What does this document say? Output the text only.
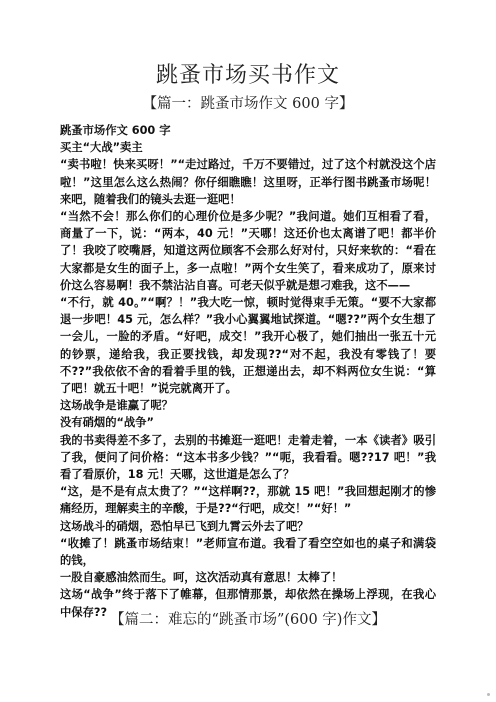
跳蚤市场买书作文
【篇一：跳蚤市场作文 600 字】

跳蚤市场作文 600 字

买主“大战”卖主

“卖书啦！快来买呀！”“走过路过，千万不要错过，过了这个村就没这个店啦！”这里怎么这么热闹？你仔细瞧瞧！这里呀，正举行图书跳蚤市场呢！来吧，随着我们的镜头去逛一逛吧！

“当然不会！那么你们的心理价位是多少呢？”我问道。她们互相看了看，商量了一下，说：“两本，40 元！”天哪！这还价也太离谱了吧！都半价了！我咬了咬嘴唇，知道这两位顾客不会那么好对付，只好来软的：“看在大家都是女生的面子上，多一点啦！”两个女生笑了，看来成功了，原来讨价这么容易啊！我不禁沾沾自喜。可老天似乎就是想刁难我，这不——

“不行，就 40。”“啊？！”我大吃一惊，顿时觉得束手无策。“要不大家都退一步吧！45 元，怎么样？”我小心翼翼地试探道。“嗯??”两个女生想了一会儿，一脸的矛盾。“好吧，成交！”我开心极了，她们抽出一张五十元的钞票，递给我，我正要找钱，却发现??“对不起，我没有零钱了！要不??”我依依不舍的看着手里的钱，正想递出去，却不料两位女生说：“算了吧！就五十吧！”说完就离开了。

这场战争是谁赢了呢？

没有硝烟的“战争”

我的书卖得差不多了，去别的书摊逛一逛吧！走着走着，一本《读者》吸引了我，便问了问价格：“这本书多少钱？”“呃，我看看。嗯??17 吧！”我看了看原价，18 元！天哪，这世道是怎么了？

“这，是不是有点太贵了？”“这样啊??，那就 15 吧！”我回想起刚才的惨痛经历，理解卖主的辛酸，于是??“行吧，成交！”“好！”

这场战斗的硝烟，恐怕早已飞到九霄云外去了吧？

“收摊了！跳蚤市场结束！”老师宣布道。我看了看空空如也的桌子和满袋的钱，

一股自豪感油然而生。呵，这次活动真有意思！太棒了！

这场“战争”终于落下了帷幕，但那情那景，却依然在操场上浮现，在我心中保存?? 【篇二：难忘的“跳蚤市场”(600 字)作文】
